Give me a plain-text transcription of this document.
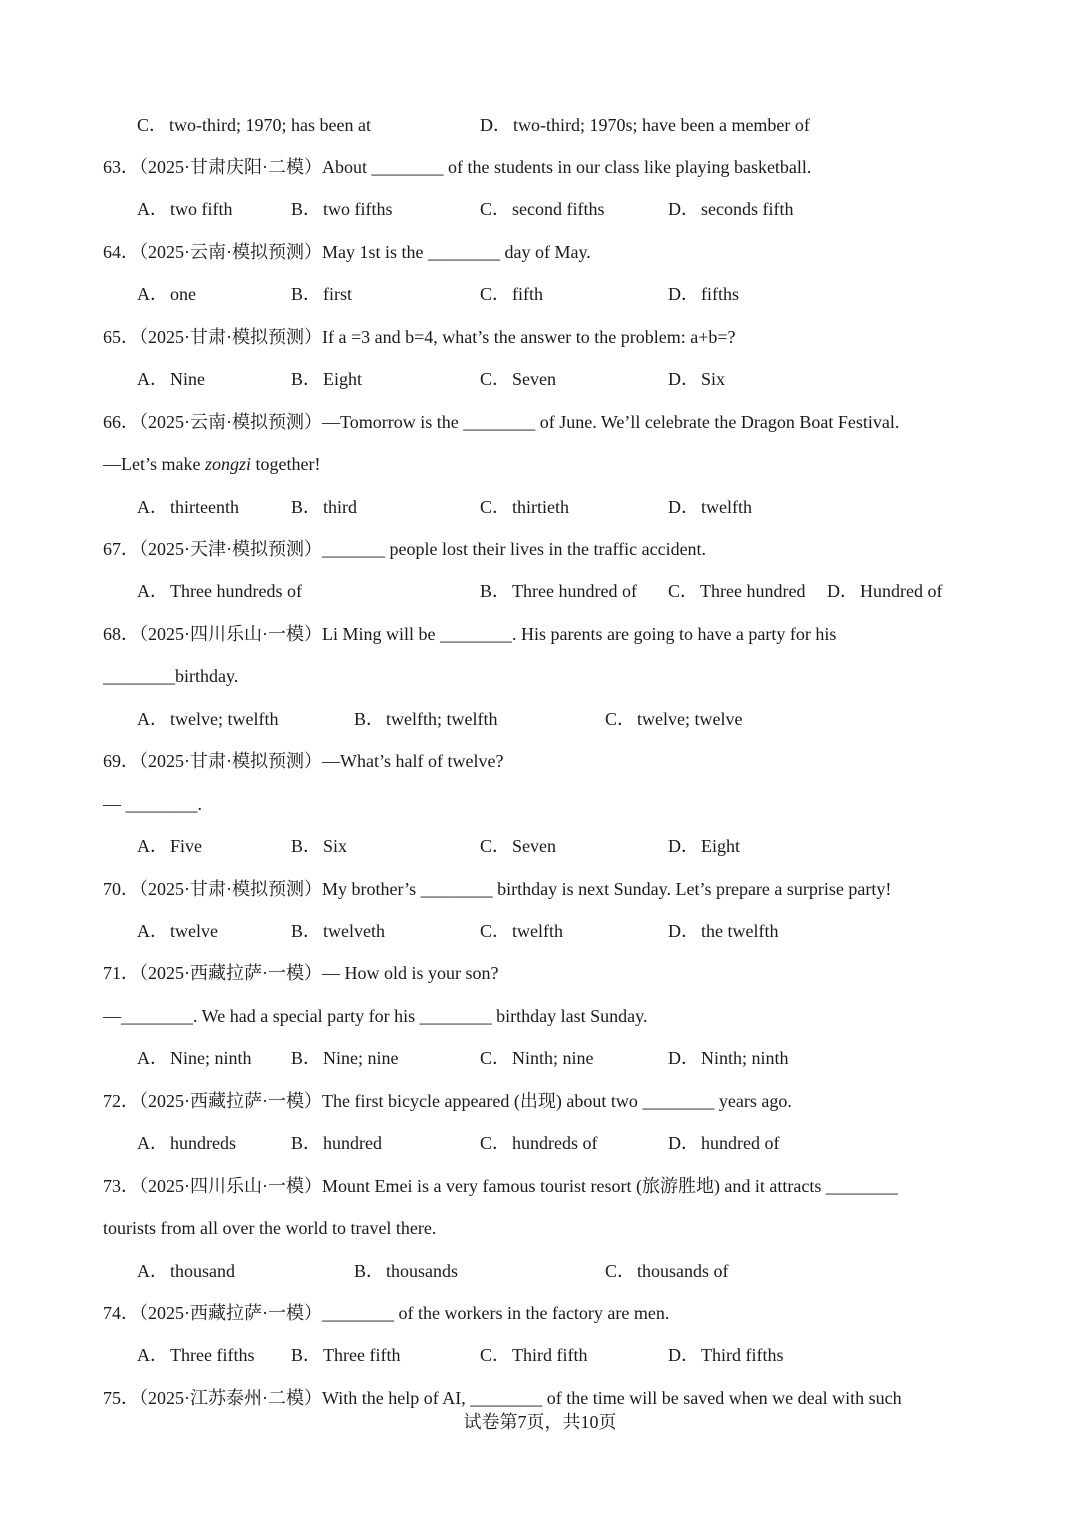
C． two-third; 1970; has been at	D． two-third; 1970s; have been a member of
63．（2025·甘肃庆阳·二模）About ________ of the students in our class like playing basketball.
A． two fifth	B． two fifths	C． second fifths	D． seconds fifth
64．（2025·云南·模拟预测）May 1st is the ________ day of May.
A． one	B． first	C． fifth	D． fifths
65．（2025·甘肃·模拟预测）If a =3 and b=4, what’s the answer to the problem: a+b=?
A． Nine	B． Eight	C． Seven	D． Six
66．（2025·云南·模拟预测）—Tomorrow is the ________ of June. We’ll celebrate the Dragon Boat Festival.
—Let’s make zongzi together!
A． thirteenth	B． third	C． thirtieth	D． twelfth
67．（2025·天津·模拟预测）_______ people lost their lives in the traffic accident.
A． Three hundreds of	B． Three hundred of C． Three hundred D． Hundred of
68．（2025·四川乐山·一模）Li Ming will be ________. His parents are going to have a party for his
________birthday.
A． twelve; twelfth	B． twelfth; twelfth	C． twelve; twelve
69．（2025·甘肃·模拟预测）—What’s half of twelve?
— ________.
A． Five	B． Six	C． Seven	D． Eight
70．（2025·甘肃·模拟预测）My brother’s ________ birthday is next Sunday. Let’s prepare a surprise party!
A． twelve	B． twelveth	C． twelfth	D． the twelfth
71．（2025·西藏拉萨·一模）— How old is your son?
—________. We had a special party for his ________ birthday last Sunday.
A． Nine; ninth B． Nine; nine	C． Ninth; nine	D． Ninth; ninth
72．（2025·西藏拉萨·一模）The first bicycle appeared (出现) about two ________ years ago.
A． hundreds	B． hundred	C． hundreds of	D． hundred of
73．（2025·四川乐山·一模）Mount Emei is a very famous tourist resort (旅游胜地) and it attracts ________
tourists from all over the world to travel there.
A． thousand	B． thousands	C． thousands of
74．（2025·西藏拉萨·一模）________ of the workers in the factory are men.
A． Three fifths B． Three fifth	C． Third fifth	D． Third fifths
75．（2025·江苏泰州·二模）With the help of AI, ________ of the time will be saved when we deal with such
试卷第7页，共10页
